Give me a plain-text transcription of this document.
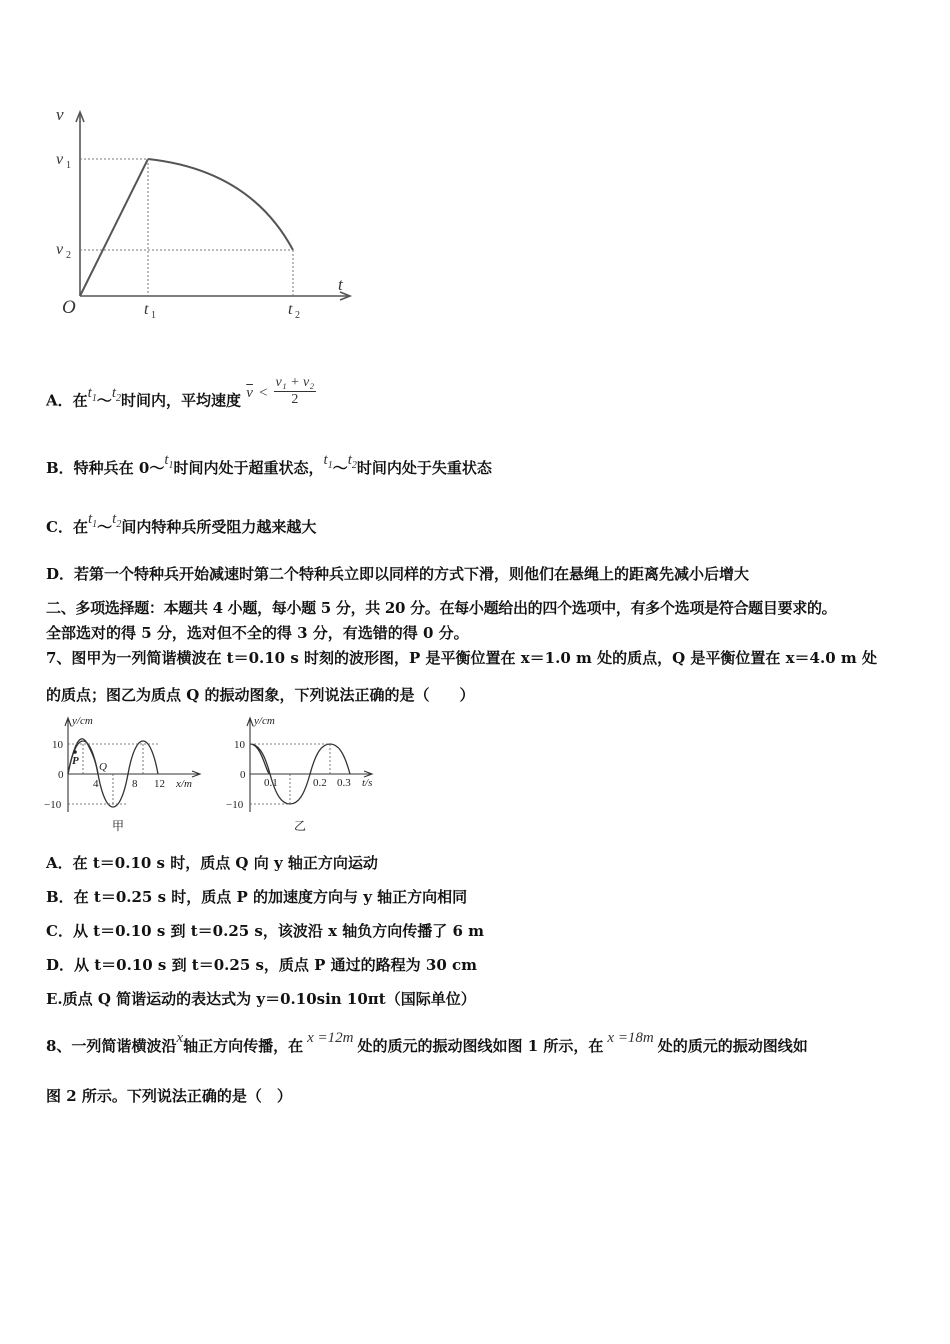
v
t
O
v 1
v 2
t 1	t 2
A．在$t_1\sim t_2$时间内，平均速度 $\overline{v} < \frac{\text{v₁ + v₂}}{2}$
B．特种兵在 $0\sim t_1$时间内处于超重状态，$t_1\sim t_2$时间内处于失重状态
C．在$t_1\sim t_2$间内特种兵所受阻力越来越大
D．若第一个特种兵开始减速时第二个特种兵立即以同样的方式下滑，则他们在悬绳上的距离先减小后增大
二、多项选择题：本题共 4 小题，每小题 5 分，共 20 分。在每小题给出的四个选项中，有多个选项是符合题目要求的。
全部选对的得 5 分，选对但不全的得 3 分，有选错的得 0 分。
7、图甲为一列简谐横波在 t＝0.10 s 时刻的波形图，P 是平衡位置在 x＝1.0 m 处的质点，Q 是平衡位置在 x＝4.0 m 处
的质点；图乙为质点 Q 的振动图象，下列说法正确的是（　　）
y/cm
x/m
10
0
−10
4	8 12
P Q
甲
y/cm
t/s
10
0
−10
0.1	0.2 0.3
乙
A．在 t＝0.10 s 时，质点 Q 向 y 轴正方向运动
B．在 t＝0.25 s 时，质点 P 的加速度方向与 y 轴正方向相同
C．从 t＝0.10 s 到 t＝0.25 s，该波沿 x 轴负方向传播了 6 m
D．从 t＝0.10 s 到 t＝0.25 s，质点 P 通过的路程为 30 cm
E.质点 Q 简谐运动的表达式为 y＝0.10sin 10πt（国际单位）
8、一列简谐横波沿x轴正方向传播，在 x =12m 处的质元的振动图线如图 1 所示，在 x =18m 处的质元的振动图线如
图 2 所示。下列说法正确的是（　）
